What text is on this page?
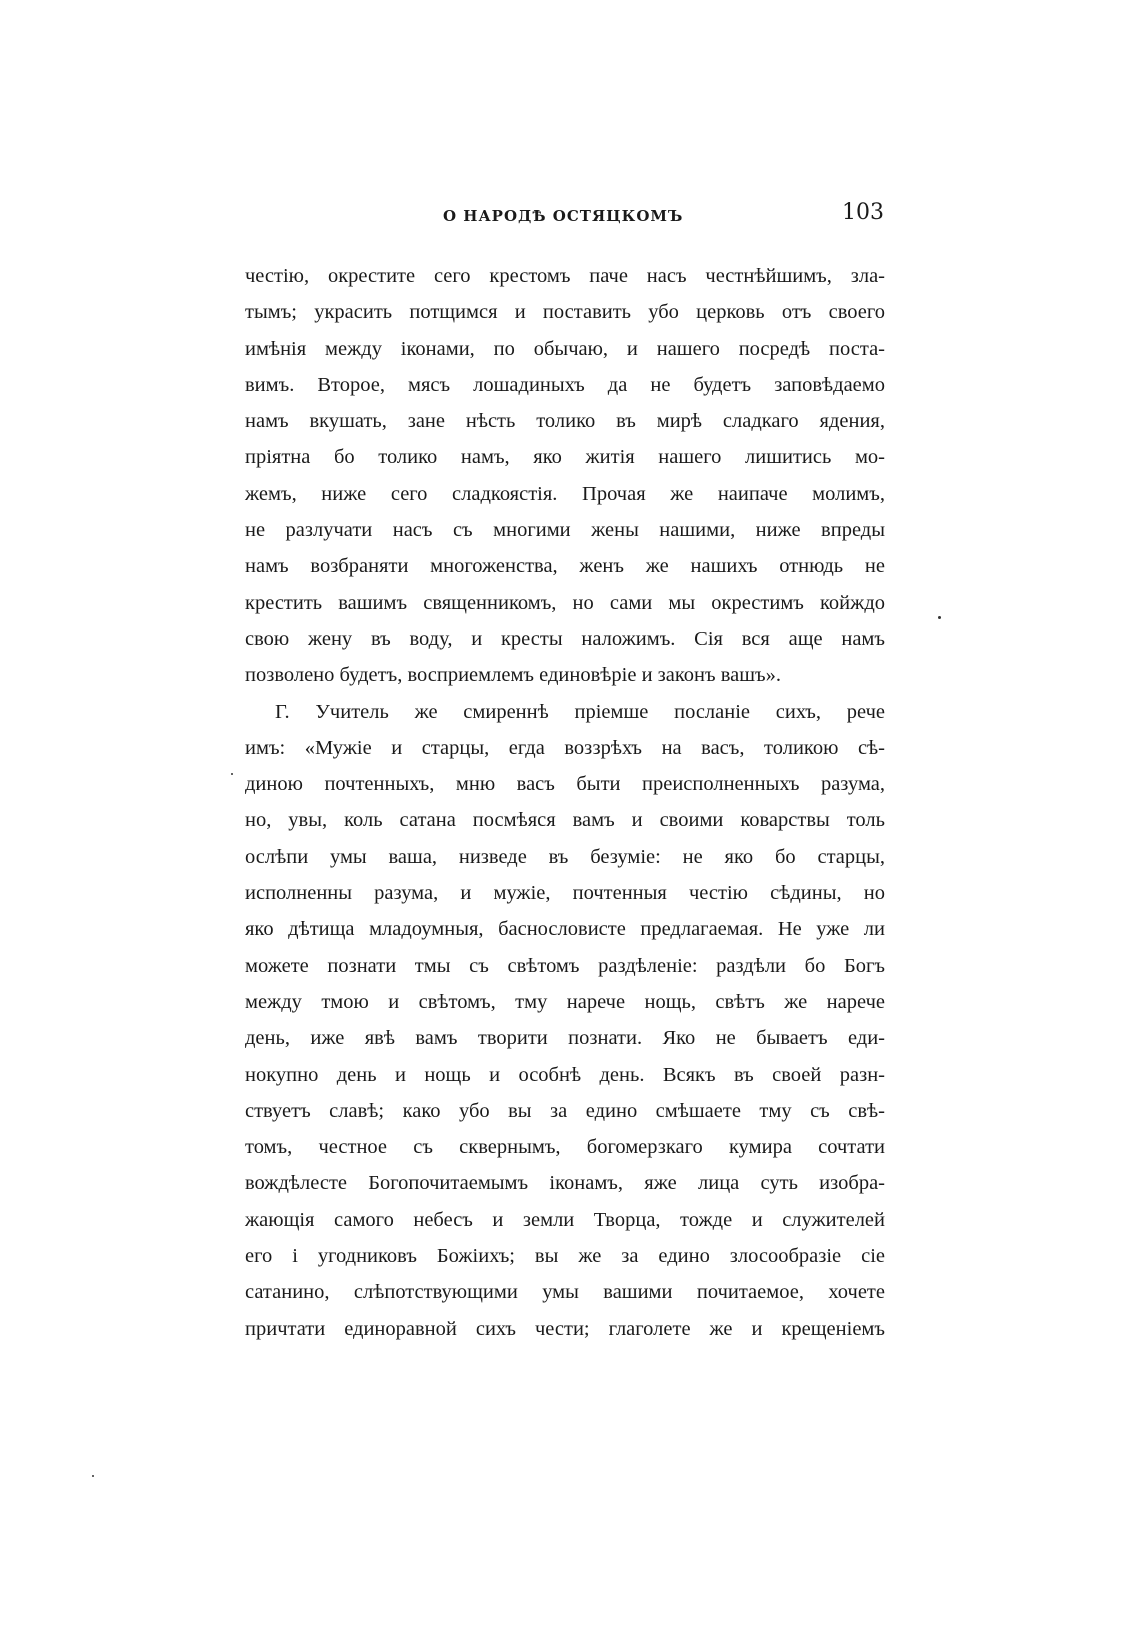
О НАРОДѢ ОСТЯЦКОМЪ	103
честію, окрестите сего крестомъ паче насъ честнѣйшимъ, зла-
тымъ; украсить потщимся и поставить убо церковь отъ своего
имѣнія между іконами, по обычаю, и нашего посредѣ поста-
вимъ. Второе, мясъ лошадиныхъ да не будетъ заповѣдаемо
намъ вкушать, зане нѣсть толико въ мирѣ сладкаго ядения,
пріятна бо толико намъ, яко житія нашего лишитись мо-
жемъ, ниже сего сладкоястія. Прочая же наипаче молимъ,
не разлучати насъ съ многими жены нашими, ниже впреды
намъ возбраняти многоженства, женъ же нашихъ отнюдь не
крестить вашимъ священникомъ, но сами мы окрестимъ койждо
свою жену въ воду, и кресты наложимъ. Сія вся аще намъ
позволено будетъ, восприемлемъ единовѣріе и законъ вашъ».
Г. Учитель же смиреннѣ пріемше посланіе сихъ, рече
имъ: «Мужіе и старцы, егда воззрѣхъ на васъ, толикою сѣ-
диною почтенныхъ, мню васъ быти преисполненныхъ разума,
но, увы, коль сатана посмѣяся вамъ и своими коварствы толь
ослѣпи умы ваша, низведе въ безуміе: не яко бо старцы,
исполненны разума, и мужіе, почтенныя честію сѣдины, но
яко дѣтища младоумныя, баснословисте предлагаемая. Не уже ли
можете познати тмы съ свѣтомъ раздѣленіе: раздѣли бо Богъ
между тмою и свѣтомъ, тму нарече нощь, свѣтъ же нарече
день, иже явѣ вамъ творити познати. Яко не бываетъ еди-
нокупно день и нощь и особнѣ день. Всякъ въ своей разн-
ствуетъ славѣ; како убо вы за едино смѣшаете тму съ свѣ-
томъ, честное съ сквернымъ, богомерзкаго кумира сочтати
вождѣлесте Богопочитаемымъ іконамъ, яже лица суть изобра-
жающія самого небесъ и земли Творца, тожде и служителей
его і угодниковъ Божіихъ; вы же за едино злосообразіе сіе
сатанино, слѣпотствующими умы вашими почитаемое, хочете
причтати единоравной сихъ чести; глаголете же и крещеніемъ
